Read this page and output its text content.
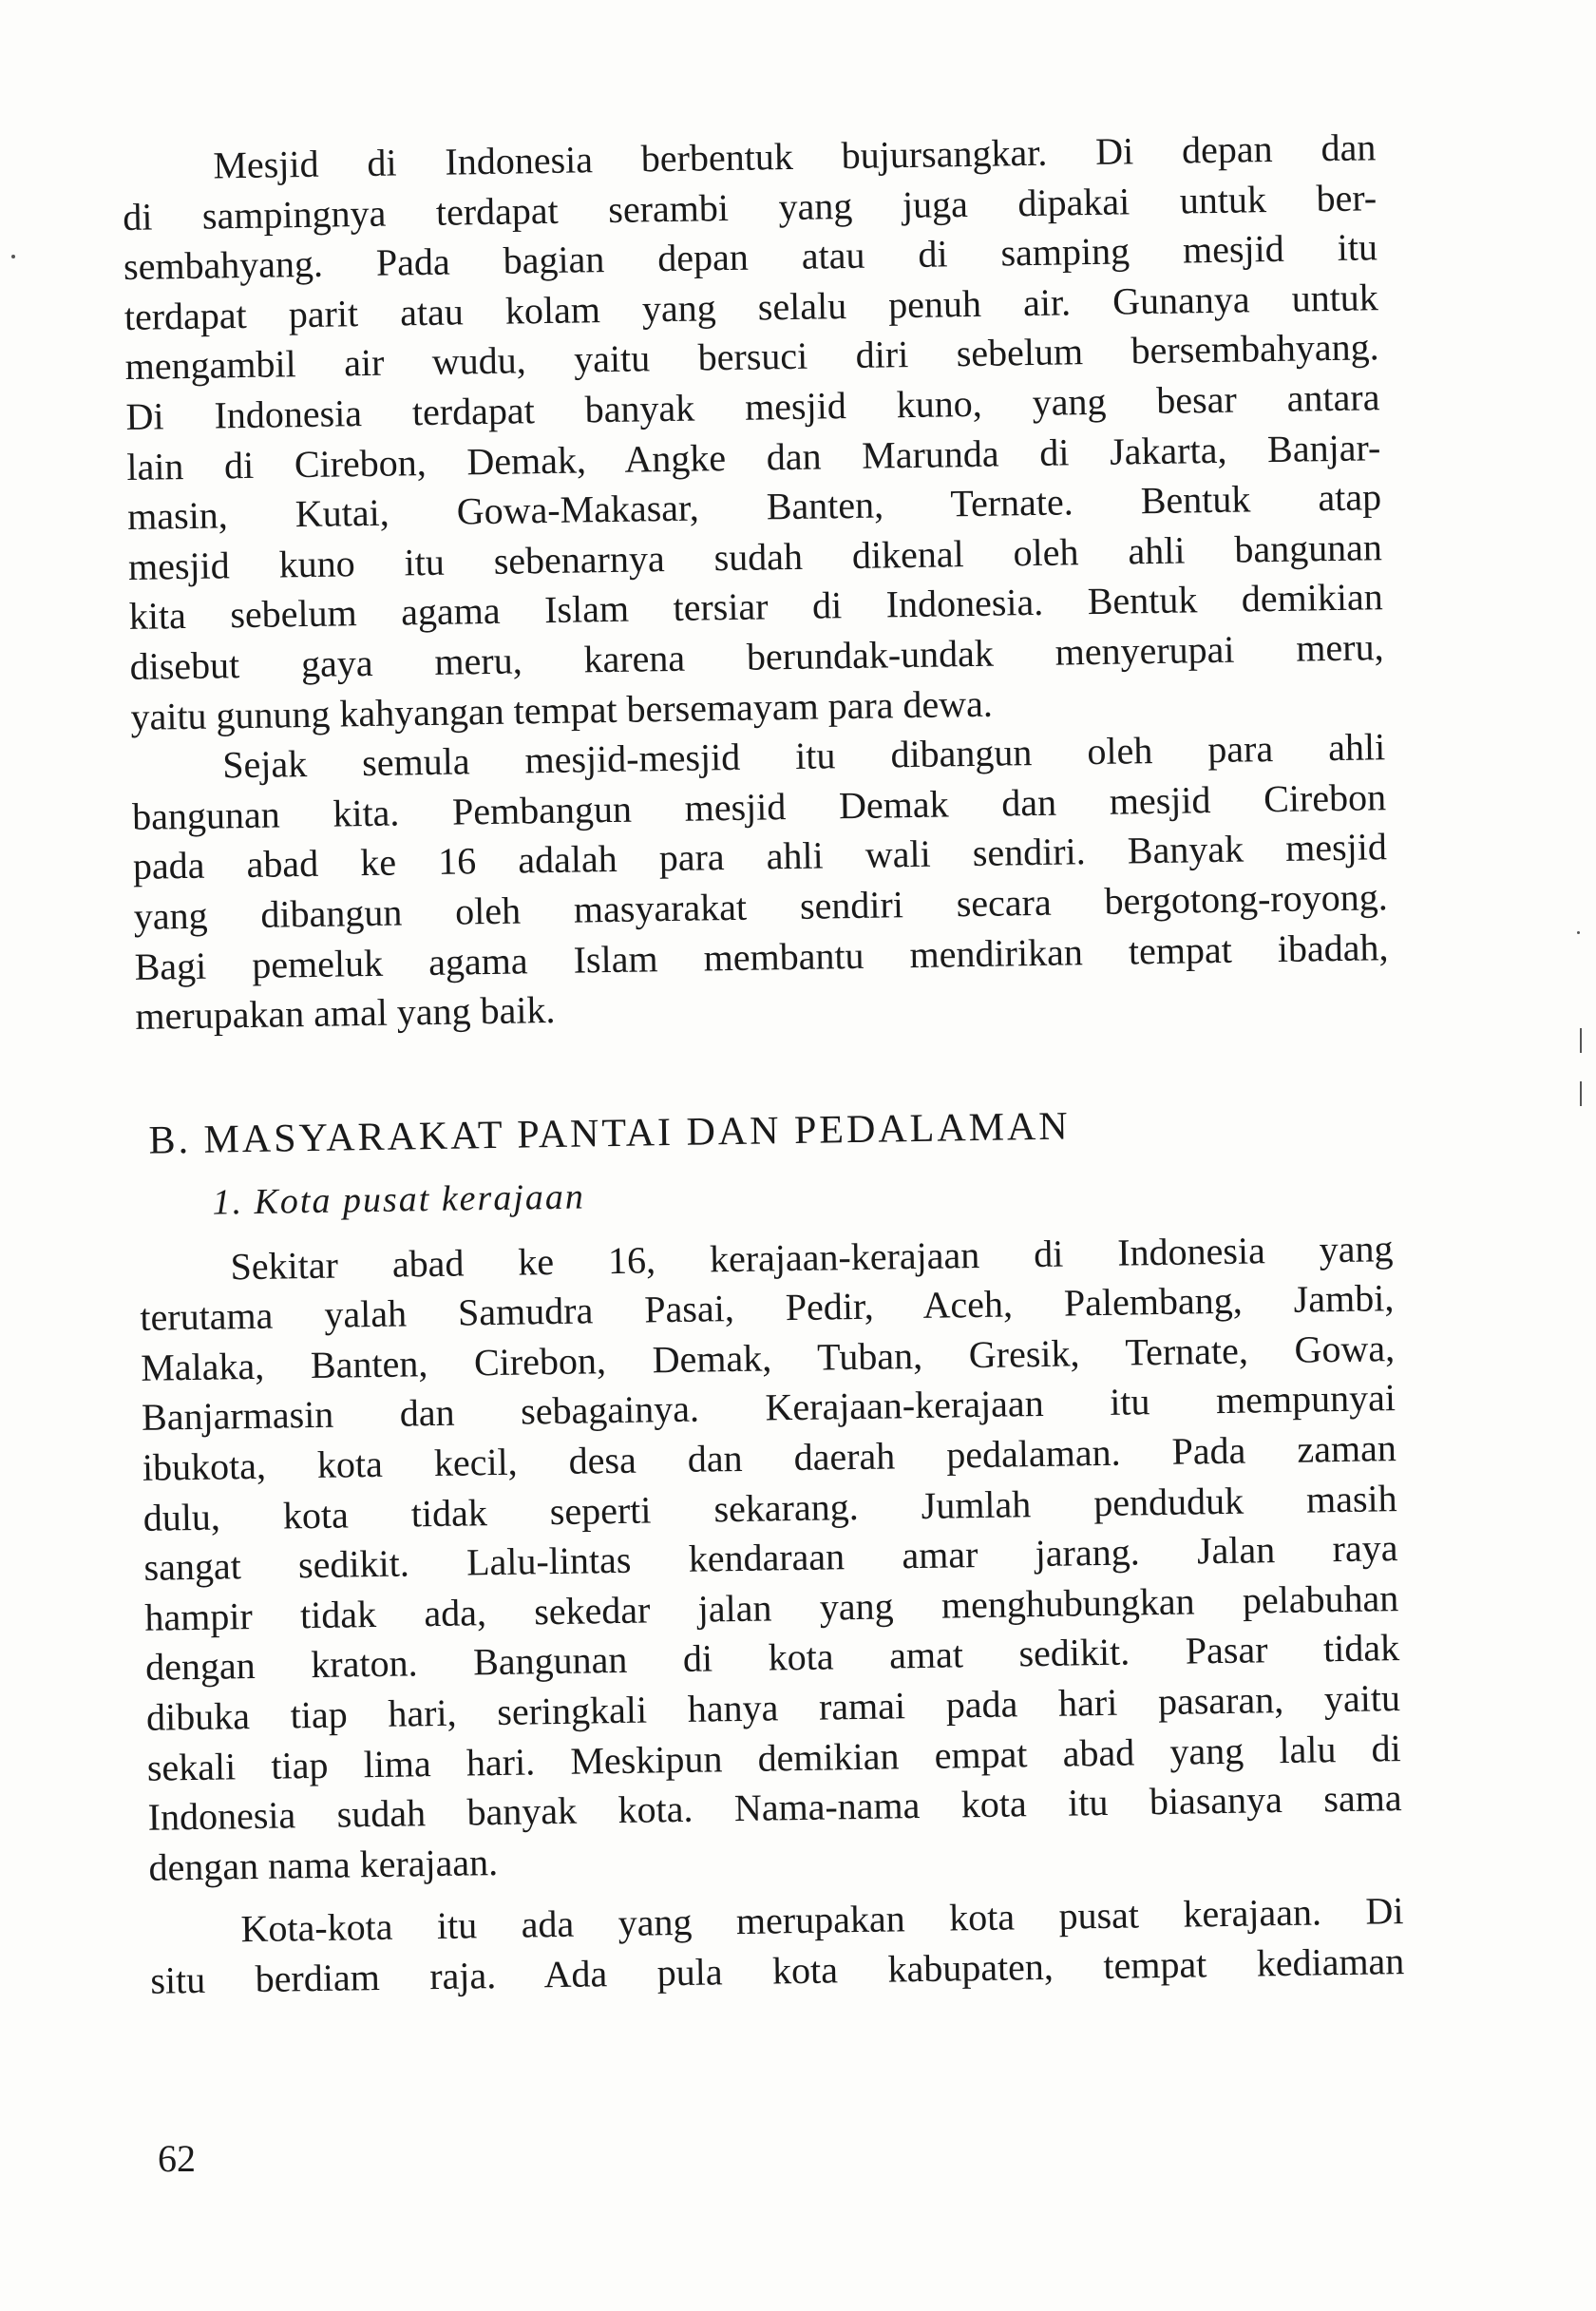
Mesjid di Indonesia berbentuk bujursangkar. Di depan dan
di sampingnya terdapat serambi yang juga dipakai untuk ber-
sembahyang. Pada bagian depan atau di samping mesjid itu
terdapat parit atau kolam yang selalu penuh air. Gunanya untuk
mengambil air wudu, yaitu bersuci diri sebelum bersembahyang.
Di Indonesia terdapat banyak mesjid kuno, yang besar antara
lain di Cirebon, Demak, Angke dan Marunda di Jakarta, Banjar-
masin, Kutai, Gowa-Makasar, Banten, Ternate. Bentuk atap
mesjid kuno itu sebenarnya sudah dikenal oleh ahli bangunan
kita sebelum agama Islam tersiar di Indonesia. Bentuk demikian
disebut gaya meru, karena berundak-undak menyerupai meru,
yaitu gunung kahyangan tempat bersemayam para dewa.

Sejak semula mesjid-mesjid itu dibangun oleh para ahli
bangunan kita. Pembangun mesjid Demak dan mesjid Cirebon
pada abad ke 16 adalah para ahli wali sendiri. Banyak mesjid
yang dibangun oleh masyarakat sendiri secara bergotong-royong.
Bagi pemeluk agama Islam membantu mendirikan tempat ibadah,
merupakan amal yang baik.

B. MASYARAKAT PANTAI DAN PEDALAMAN
1. Kota pusat kerajaan

Sekitar abad ke 16, kerajaan-kerajaan di Indonesia yang
terutama yalah Samudra Pasai, Pedir, Aceh, Palembang, Jambi,
Malaka, Banten, Cirebon, Demak, Tuban, Gresik, Ternate, Gowa,
Banjarmasin dan sebagainya. Kerajaan-kerajaan itu mempunyai
ibukota, kota kecil, desa dan daerah pedalaman. Pada zaman
dulu, kota tidak seperti sekarang. Jumlah penduduk masih
sangat sedikit. Lalu-lintas kendaraan amar jarang. Jalan raya
hampir tidak ada, sekedar jalan yang menghubungkan pelabuhan
dengan kraton. Bangunan di kota amat sedikit. Pasar tidak
dibuka tiap hari, seringkali hanya ramai pada hari pasaran, yaitu
sekali tiap lima hari. Meskipun demikian empat abad yang lalu di
Indonesia sudah banyak kota. Nama-nama kota itu biasanya sama
dengan nama kerajaan.

Kota-kota itu ada yang merupakan kota pusat kerajaan. Di
situ berdiam raja. Ada pula kota kabupaten, tempat kediaman

62
